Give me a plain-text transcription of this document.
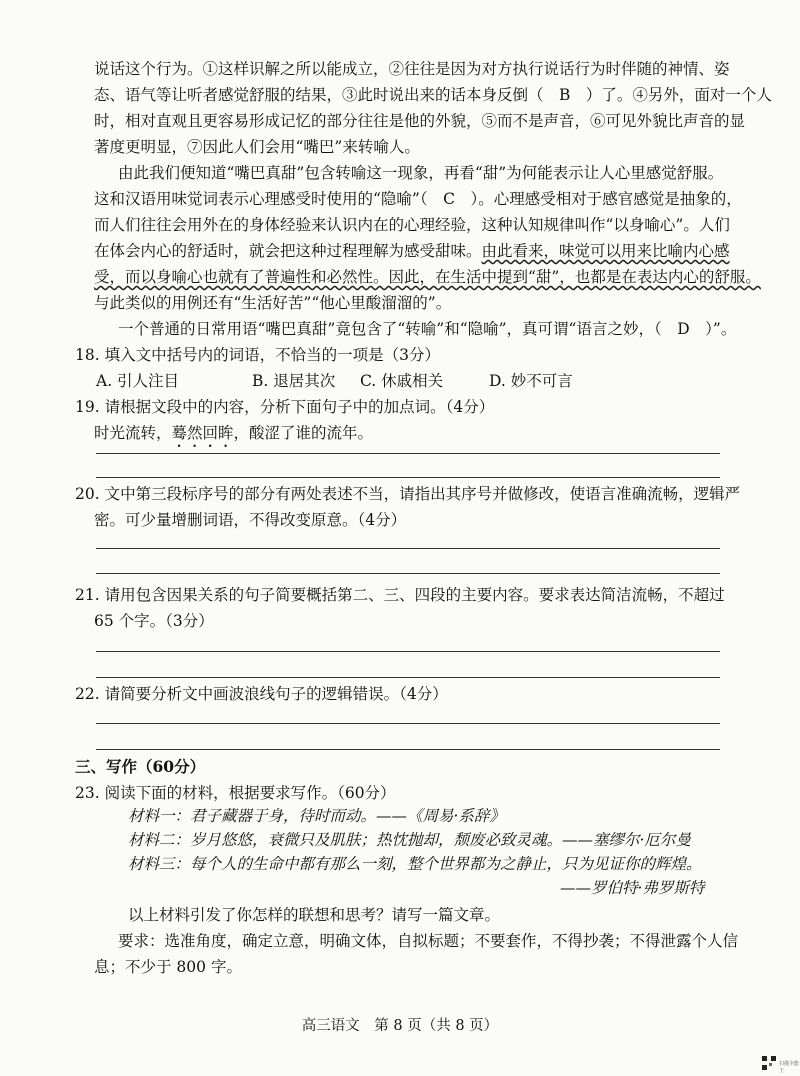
说话这个行为。①这样识解之所以能成立，②往往是因为对方执行说话行为时伴随的神情、姿
态、语气等让听者感觉舒服的结果，③此时说出来的话本身反倒（　B　）了。④另外，面对一个人
时，相对直观且更容易形成记忆的部分往往是他的外貌，⑤而不是声音，⑥可见外貌比声音的显
著度更明显，⑦因此人们会用“嘴巴”来转喻人。
由此我们便知道“嘴巴真甜”包含转喻这一现象，再看“甜”为何能表示让人心里感觉舒服。
这和汉语用味觉词表示心理感受时使用的“隐喻”（　C　）。心理感受相对于感官感觉是抽象的，
而人们往往会用外在的身体经验来认识内在的心理经验，这种认知规律叫作“以身喻心”。人们
在体会内心的舒适时，就会把这种过程理解为感受甜味。由此看来，味觉可以用来比喻内心感
受，而以身喻心也就有了普遍性和必然性。因此，在生活中提到“甜”，也都是在表达内心的舒服。
与此类似的用例还有“生活好苦”“他心里酸溜溜的”。
一个普通的日常用语“嘴巴真甜”竟包含了“转喻”和“隐喻”，真可谓“语言之妙，（　D　）”。
18. 填入文中括号内的词语，不恰当的一项是（3分）
A. 引人注目	B. 退居其次 C. 休戚相关	D. 妙不可言
19. 请根据文段中的内容，分析下面句子中的加点词。（4分）
时光流转，蓦然回眸，酸涩了谁的流年。
20. 文中第三段标序号的部分有两处表述不当，请指出其序号并做修改，使语言准确流畅，逻辑严
密。可少量增删词语，不得改变原意。（4分）
21. 请用包含因果关系的句子简要概括第二、三、四段的主要内容。要求表达简洁流畅，不超过
65 个字。（3分）
22. 请简要分析文中画波浪线句子的逻辑错误。（4分）
三、写作（60分）
23. 阅读下面的材料，根据要求写作。（60分）
材料一：君子藏器于身，待时而动。——《周易·系辞》
材料二：岁月悠悠，衰微只及肌肤；热忱抛却，颓废必致灵魂。——塞缪尔·厄尔曼
材料三：每个人的生命中都有那么一刻，整个世界都为之静止，只为见证你的辉煌。
——罗伯特·弗罗斯特
以上材料引发了你怎样的联想和思考？请写一篇文章。
要求：选准角度，确定立意，明确文体，自拟标题；不要套作，不得抄袭；不得泄露个人信
息；不少于 800 字。
高三语文　第 8 页（共 8 页）
扫描全能王
